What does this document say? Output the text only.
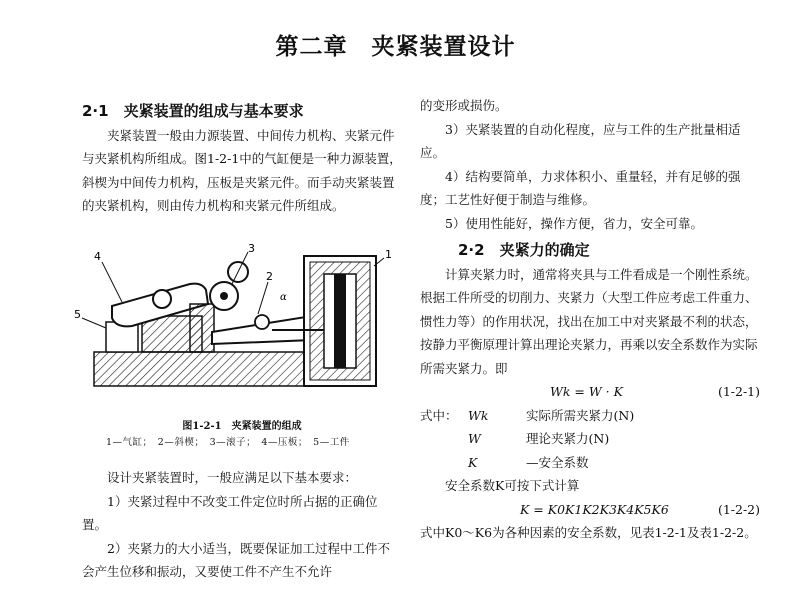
第二章　夹紧装置设计

2·1　夹紧装置的组成与基本要求

夹紧装置一般由力源装置、中间传力机构、夹紧元件与夹紧机构所组成。图1-2-1中的气缸便是一种力源装置，斜楔为中间传力机构，压板是夹紧元件。而手动夹紧装置的夹紧机构，则由传力机构和夹紧元件所组成。

4
3
2
1
5
α
图1-2-1　夹紧装置的组成
1—气缸；　2—斜楔；　3—滚子；　4—压板；　5—工件

设计夹紧装置时，一般应满足以下基本要求：

1）夹紧过程中不改变工件定位时所占据的正确位置。

2）夹紧力的大小适当，既要保证加工过程中工件不会产生位移和振动，又要使工件不产生不允许

的变形或损伤。

3）夹紧装置的自动化程度，应与工件的生产批量相适应。

4）结构要简单，力求体积小、重量轻，并有足够的强度；工艺性好便于制造与维修。

5）使用性能好，操作方便，省力，安全可靠。

2·2　夹紧力的确定

计算夹紧力时，通常将夹具与工件看成是一个刚性系统。根据工件所受的切削力、夹紧力（大型工件应考虑工件重力、惯性力等）的作用状况，找出在加工中对夹紧最不利的状态，按静力平衡原理计算出理论夹紧力，再乘以安全系数作为实际所需夹紧力。即

Wk = W · K	(1-2-1)
式中： Wk	实际所需夹紧力(N)
W	理论夹紧力(N)
K	—安全系数

安全系数K可按下式计算

K = K0K1K2K3K4K5K6	(1-2-2)

式中K0～K6为各种因素的安全系数，见表1-2-1及表1-2-2。
